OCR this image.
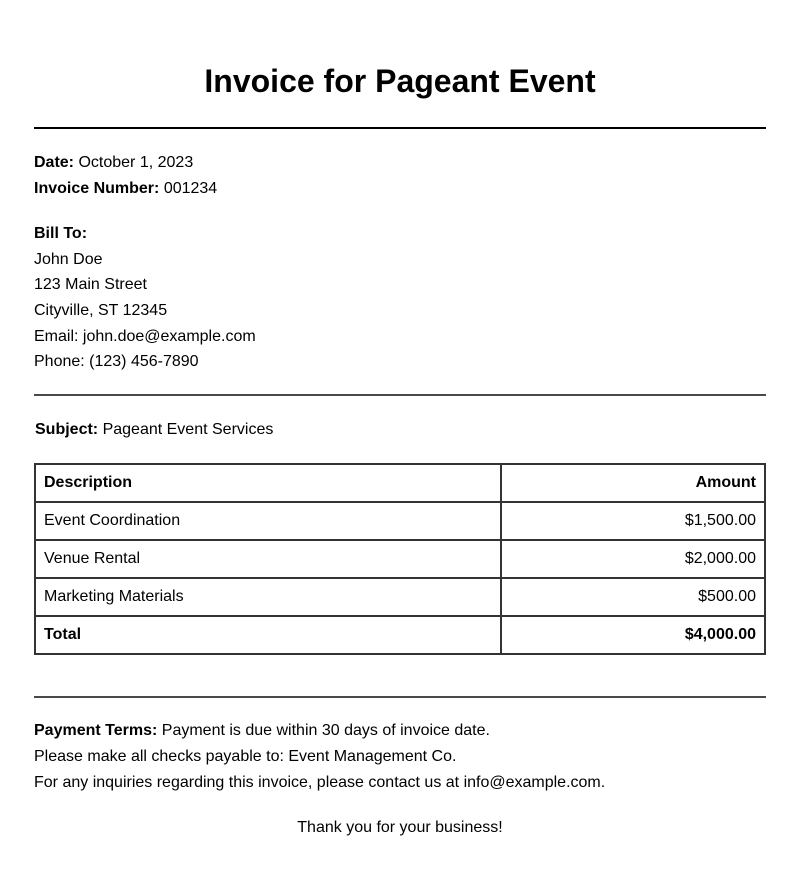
Invoice for Pageant Event
Date: October 1, 2023
Invoice Number: 001234
Bill To:
John Doe
123 Main Street
Cityville, ST 12345
Email: john.doe@example.com
Phone: (123) 456-7890
Subject: Pageant Event Services
Description	Amount
Event Coordination	$1,500.00
Venue Rental	$2,000.00
Marketing Materials	$500.00
Total	$4,000.00
Payment Terms: Payment is due within 30 days of invoice date.
Please make all checks payable to: Event Management Co.
For any inquiries regarding this invoice, please contact us at info@example.com.
Thank you for your business!
